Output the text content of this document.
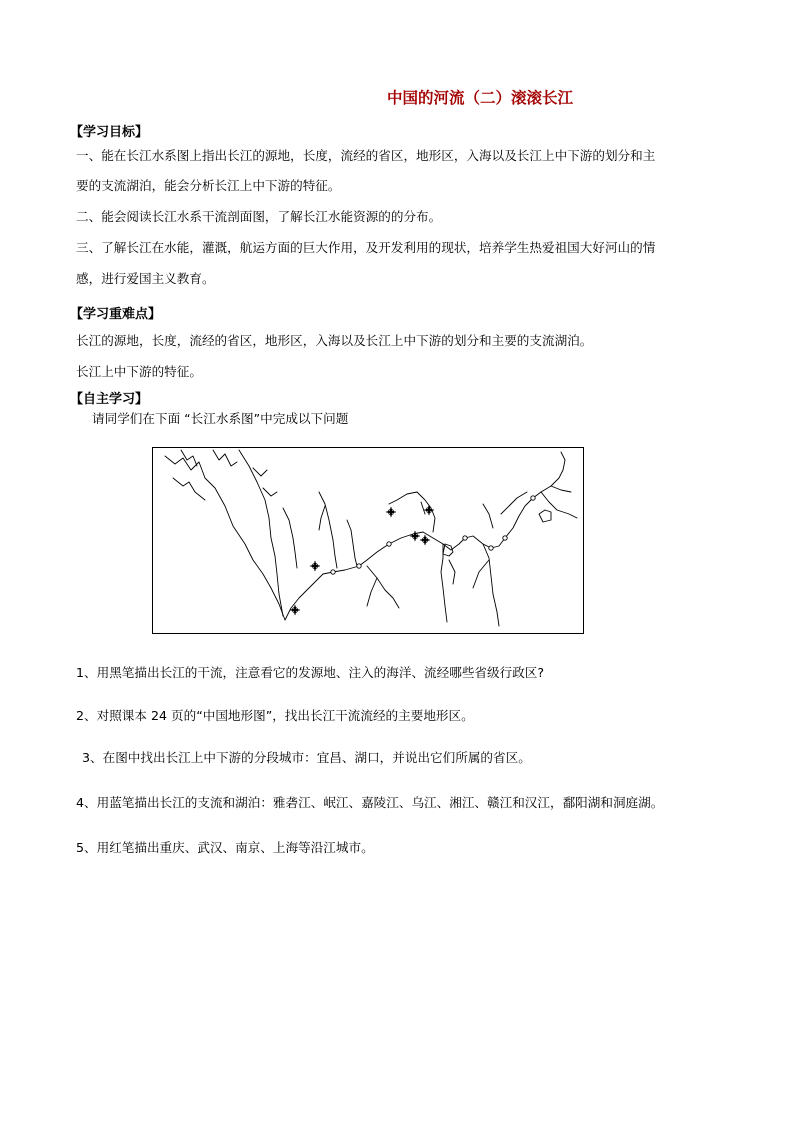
中国的河流（二）滚滚长江
【学习目标】
一、能在长江水系图上指出长江的源地，长度，流经的省区，地形区，入海以及长江上中下游的划分和主
要的支流湖泊，能会分析长江上中下游的特征。
二、能会阅读长江水系干流剖面图，了解长江水能资源的的分布。
三、了解长江在水能，灌溉，航运方面的巨大作用，及开发利用的现状，培养学生热爱祖国大好河山的情
感，进行爱国主义教育。
【学习重难点】
长江的源地，长度，流经的省区，地形区，入海以及长江上中下游的划分和主要的支流湖泊。
长江上中下游的特征。
【自主学习】
请同学们在下面 “长江水系图”中完成以下问题
1、用黑笔描出长江的干流，注意看它的发源地、注入的海洋、流经哪些省级行政区?
2、对照课本 24 页的“中国地形图”，找出长江干流流经的主要地形区。
3、在图中找出长江上中下游的分段城市：宜昌、湖口，并说出它们所属的省区。
4、用蓝笔描出长江的支流和湖泊：雅砻江、岷江、嘉陵江、乌江、湘江、赣江和汉江，鄱阳湖和洞庭湖。
5、用红笔描出重庆、武汉、南京、上海等沿江城市。
